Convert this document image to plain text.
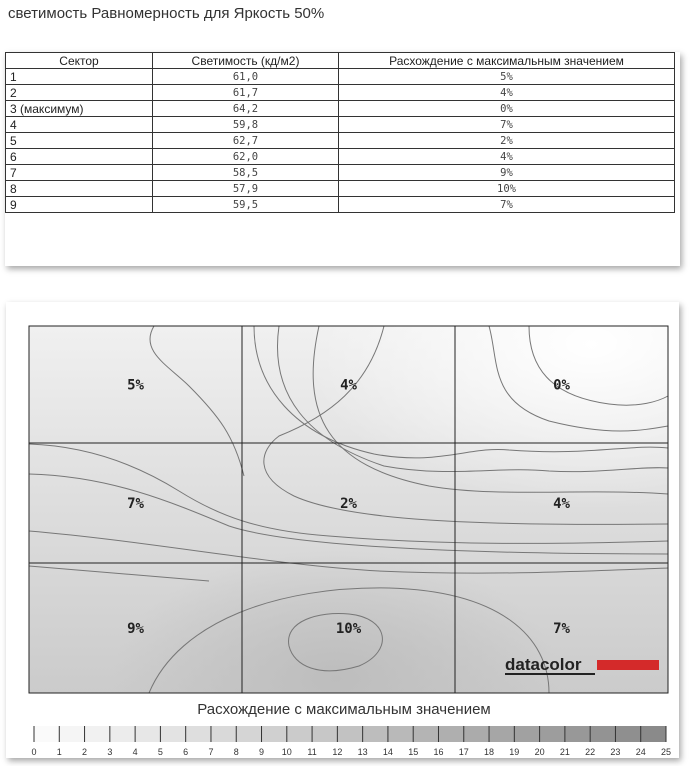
светимость Равномерность для Яркость 50%
Сектор	Светимость (кд/м2)	Расхождение с максимальным значением
1	61,0	5%
2	61,7	4%
3 (максимум)	64,2	0%
4	59,8	7%
5	62,7	2%
6	62,0	4%
7	58,5	9%
8	57,9	10%
9	59,5	7%
5%	4%	0%
7%	2%	4%
9%	10%	7%
datacolor
Расхождение с максимальным значением
0 1 2 3 4 5 6 7 8 9 10 11 12 13 14 15 16 17 18 19 20 21 22 23 24 25
